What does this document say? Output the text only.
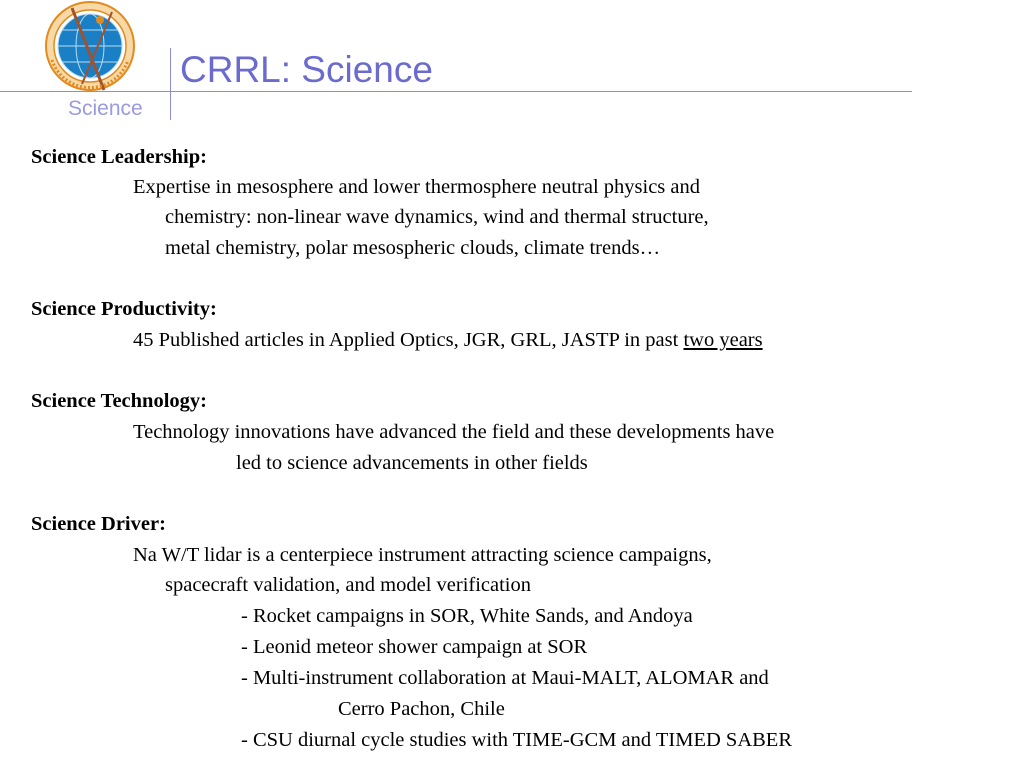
Science
CRRL: Science
Science Leadership:
Expertise in mesosphere and lower thermosphere neutral physics and
chemistry: non-linear wave dynamics, wind and thermal structure,
metal chemistry, polar mesospheric clouds, climate trends…
Science Productivity:
45 Published articles in Applied Optics, JGR, GRL, JASTP in past two years
Science Technology:
Technology innovations have advanced the field and these developments have
led to science advancements in other fields
Science Driver:
Na W/T lidar is a centerpiece instrument attracting science campaigns,
spacecraft validation, and model verification
- Rocket campaigns in SOR, White Sands, and Andoya
- Leonid meteor shower campaign at SOR
- Multi-instrument collaboration at Maui-MALT, ALOMAR and
Cerro Pachon, Chile
- CSU diurnal cycle studies with TIME-GCM and TIMED SABER
